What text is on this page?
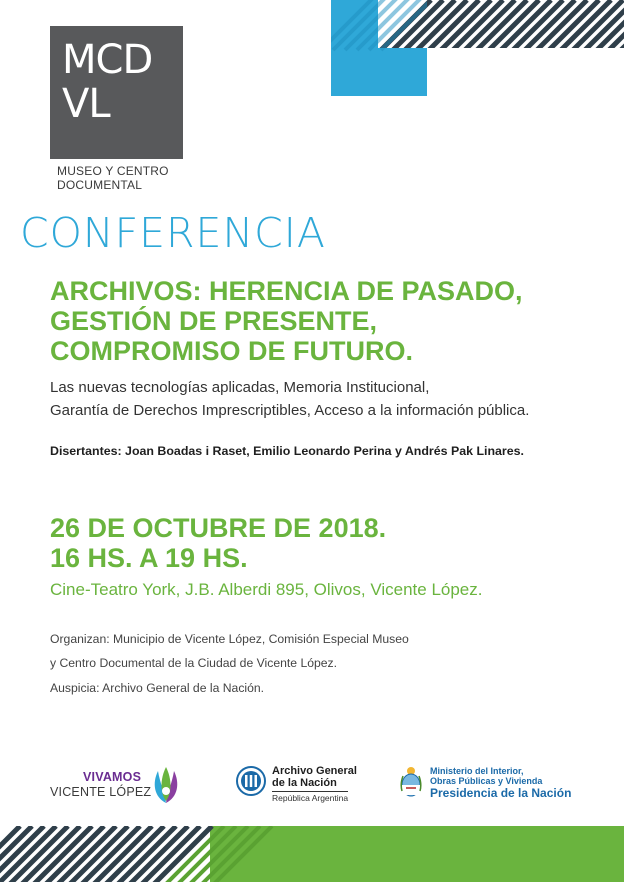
MCD
VL
MUSEO Y CENTRO
DOCUMENTAL
CONFERENCIA
ARCHIVOS: HERENCIA DE PASADO,
GESTIÓN DE PRESENTE,
COMPROMISO DE FUTURO.
Las nuevas tecnologías aplicadas, Memoria Institucional,
Garantía de Derechos Imprescriptibles, Acceso a la información pública.
Disertantes: Joan Boadas i Raset, Emilio Leonardo Perina y Andrés Pak Linares.
26 DE OCTUBRE DE 2018.
16 HS. A 19 HS.
Cine-Teatro York, J.B. Alberdi 895, Olivos, Vicente López.
Organizan: Municipio de Vicente López, Comisión Especial Museo
y Centro Documental de la Ciudad de Vicente López.
Auspicia: Archivo General de la Nación.
VIVAMOS
VICENTE LÓPEZ
Archivo General
de la Nación
República Argentina
Ministerio del Interior,
Obras Públicas y Vivienda
Presidencia de la Nación
